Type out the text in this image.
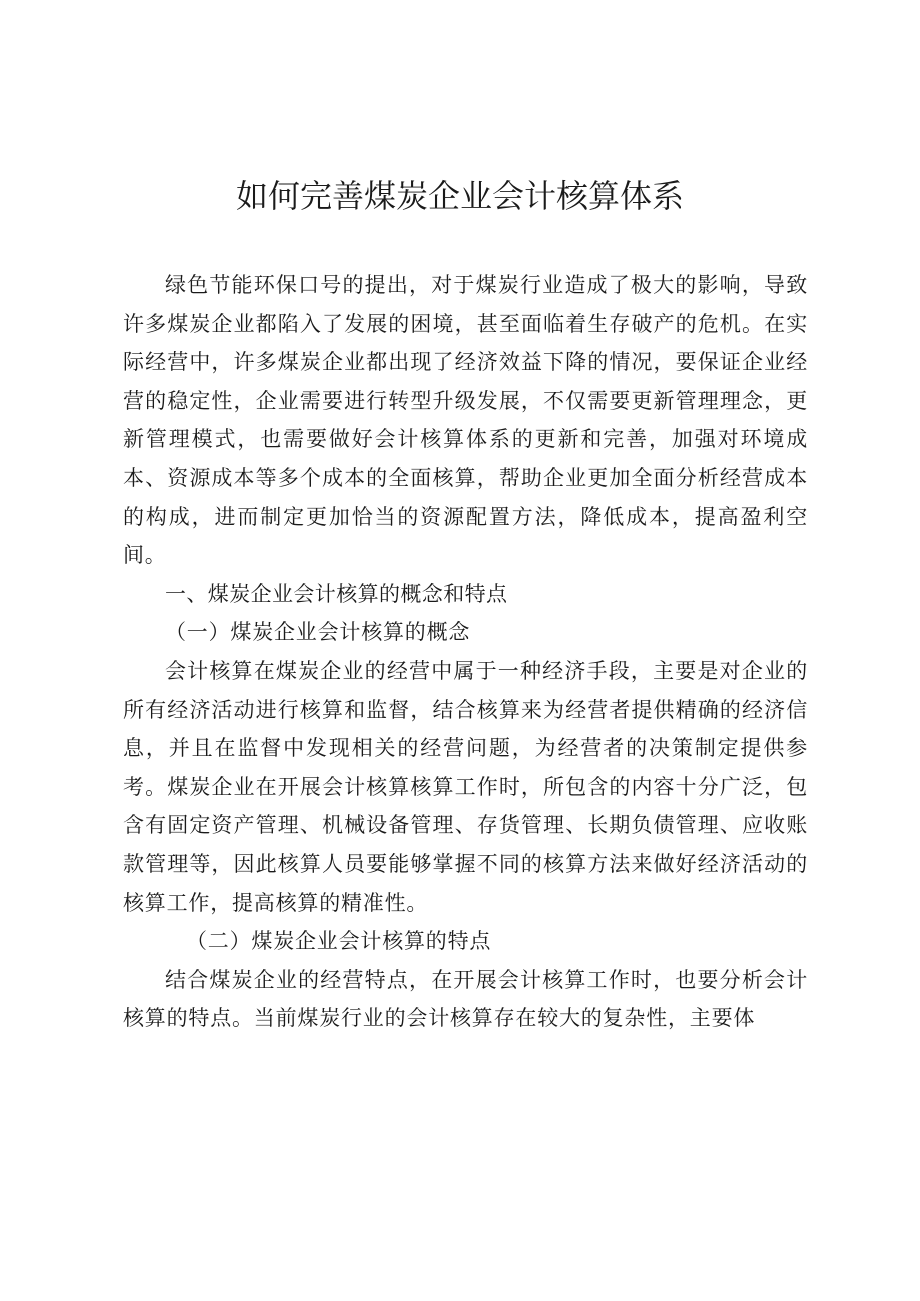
如何完善煤炭企业会计核算体系

绿色节能环保口号的提出，对于煤炭行业造成了极大的影响，导致许多煤炭企业都陷入了发展的困境，甚至面临着生存破产的危机。在实际经营中，许多煤炭企业都出现了经济效益下降的情况，要保证企业经营的稳定性，企业需要进行转型升级发展，不仅需要更新管理理念，更新管理模式，也需要做好会计核算体系的更新和完善，加强对环境成本、资源成本等多个成本的全面核算，帮助企业更加全面分析经营成本的构成，进而制定更加恰当的资源配置方法，降低成本，提高盈利空间。

一、煤炭企业会计核算的概念和特点

（一）煤炭企业会计核算的概念

会计核算在煤炭企业的经营中属于一种经济手段，主要是对企业的所有经济活动进行核算和监督，结合核算来为经营者提供精确的经济信息，并且在监督中发现相关的经营问题，为经营者的决策制定提供参考。煤炭企业在开展会计核算核算工作时，所包含的内容十分广泛，包含有固定资产管理、机械设备管理、存货管理、长期负债管理、应收账款管理等，因此核算人员要能够掌握不同的核算方法来做好经济活动的核算工作，提高核算的精准性。

（二）煤炭企业会计核算的特点

结合煤炭企业的经营特点，在开展会计核算工作时，也要分析会计核算的特点。当前煤炭行业的会计核算存在较大的复杂性，主要体
